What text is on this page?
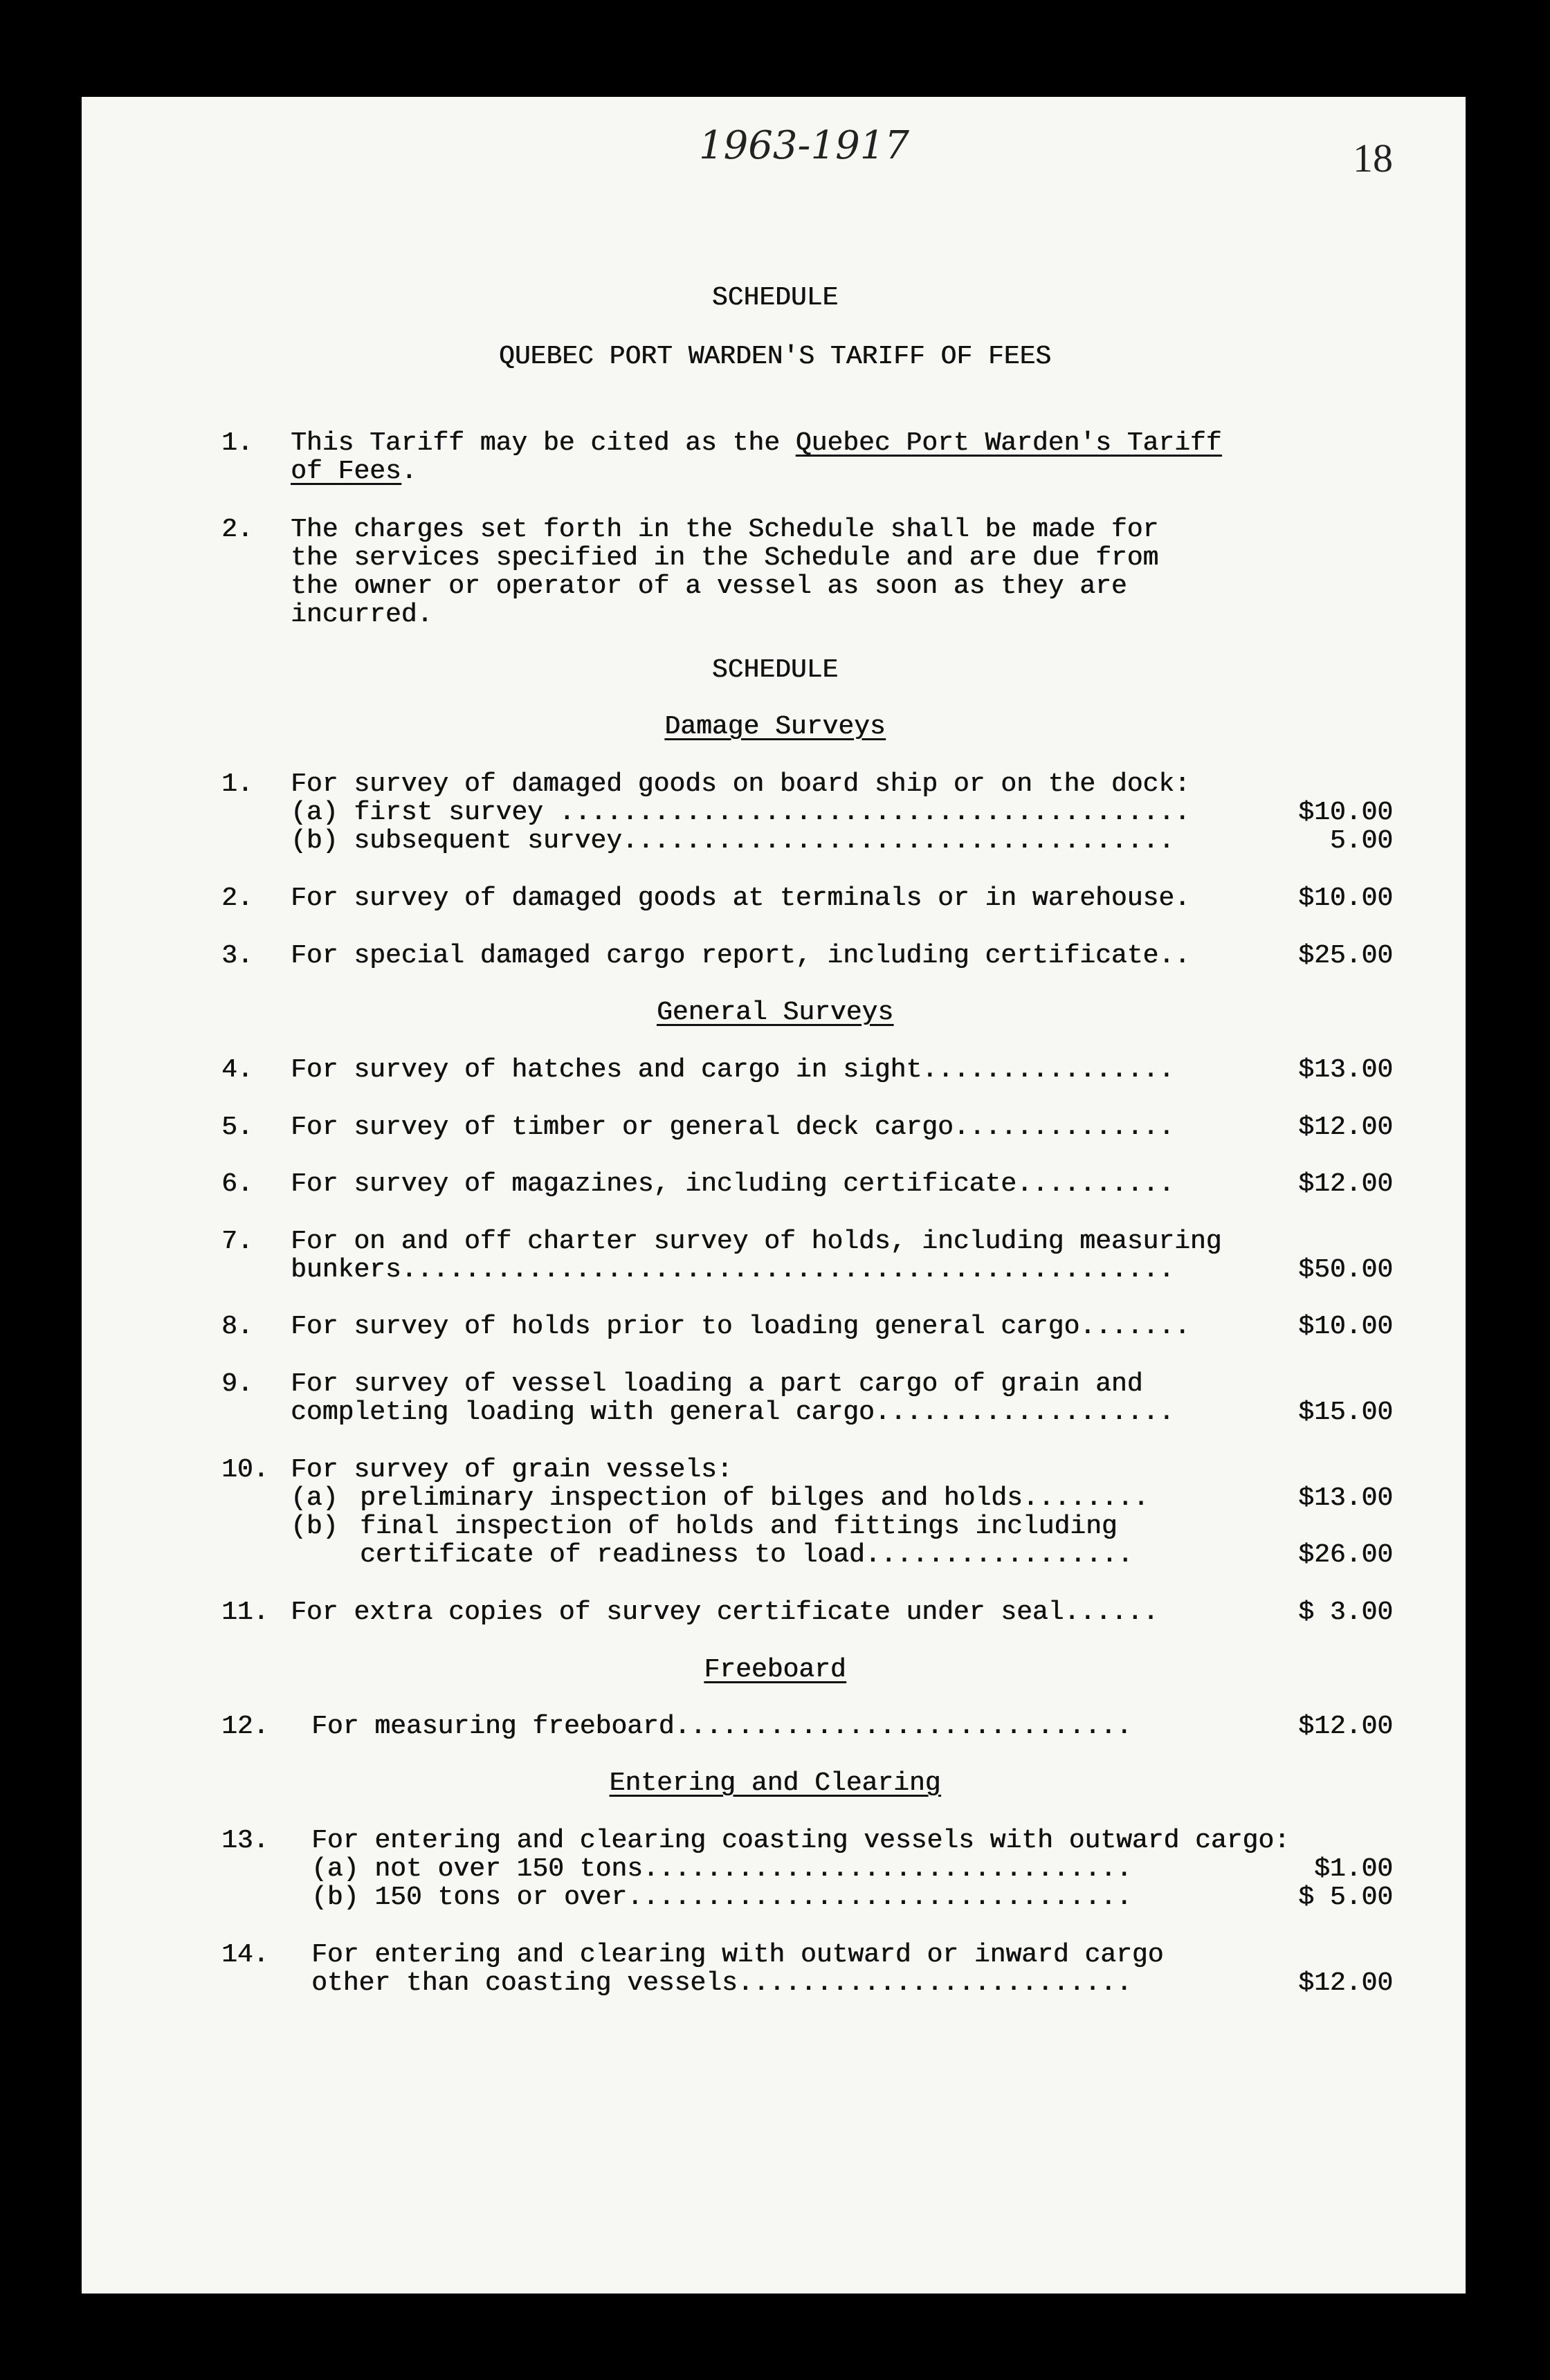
1963-1917	18
SCHEDULE
QUEBEC PORT WARDEN'S TARIFF OF FEES
1. This Tariff may be cited as the Quebec Port Warden's Tariff
of Fees.
2. The charges set forth in the Schedule shall be made for
the services specified in the Schedule and are due from
the owner or operator of a vessel as soon as they are
incurred.
SCHEDULE
Damage Surveys
1. For survey of damaged goods on board ship or on the dock:
(a) first survey ........................................	$10.00
(b) subsequent survey...................................	5.00
2. For survey of damaged goods at terminals or in warehouse.	$10.00
3. For special damaged cargo report, including certificate..	$25.00
General Surveys
4. For survey of hatches and cargo in sight................	$13.00
5. For survey of timber or general deck cargo..............	$12.00
6. For survey of magazines, including certificate..........	$12.00
7. For on and off charter survey of holds, including measuring
bunkers.................................................	$50.00
8. For survey of holds prior to loading general cargo.......	$10.00
9. For survey of vessel loading a part cargo of grain and
completing loading with general cargo...................	$15.00
10. For survey of grain vessels:
(a) preliminary inspection of bilges and holds........	$13.00
(b) final inspection of holds and fittings including
certificate of readiness to load.................	$26.00
11. For extra copies of survey certificate under seal......	$ 3.00
Freeboard
12. For measuring freeboard.............................	$12.00
Entering and Clearing
13. For entering and clearing coasting vessels with outward cargo:
(a) not over 150 tons...............................	$1.00
(b) 150 tons or over................................	$ 5.00
14. For entering and clearing with outward or inward cargo
other than coasting vessels.........................	$12.00
